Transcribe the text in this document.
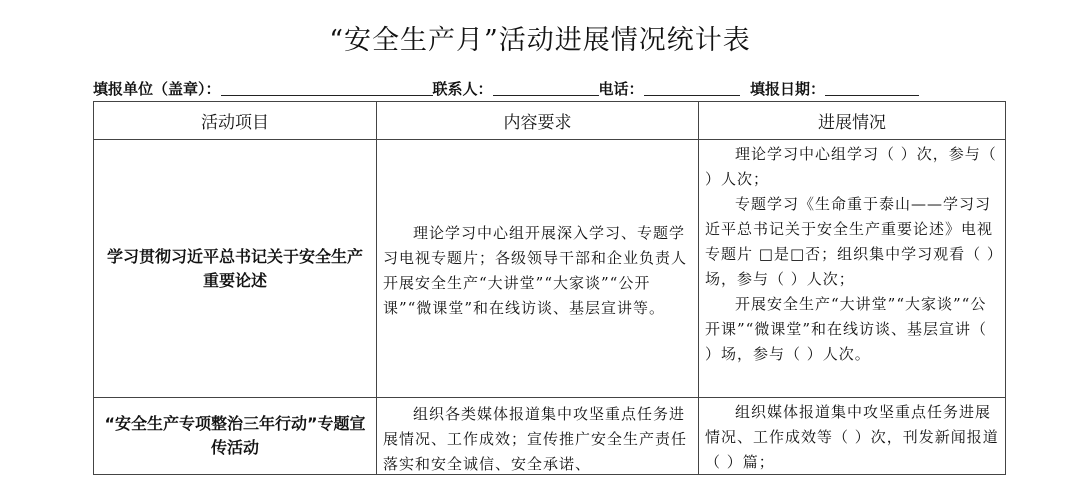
“安全生产月”活动进展情况统计表
填报单位（盖章）：	联系人：	电话：	填报日期：
活动项目	内容要求	进展情况
学习贯彻习近平总书记关于安全生产重要论述	理论学习中心组开展深入学习、专题学习电视专题片；各级领导干部和企业负责人开展安全生产“大讲堂”“大家谈”“公开课”“微课堂”和在线访谈、基层宣讲等。	理论学习中心组学习（ ）次，参与（ ）人次；

专题学习《生命重于泰山——学习习近平总书记关于安全生产重要论述》电视专题片 □是□否；组织集中学习观看（ ）场，参与（ ）人次；

开展安全生产“大讲堂”“大家谈”“公开课”“微课堂”和在线访谈、基层宣讲（ ）场，参与（ ）人次。

“安全生产专项整治三年行动”专题宣传活动	组织各类媒体报道集中攻坚重点任务进展情况、工作成效；宣传推广安全生产责任落实和安全诚信、安全承诺、	组织媒体报道集中攻坚重点任务进展情况、工作成效等（ ）次，刊发新闻报道（ ）篇；
